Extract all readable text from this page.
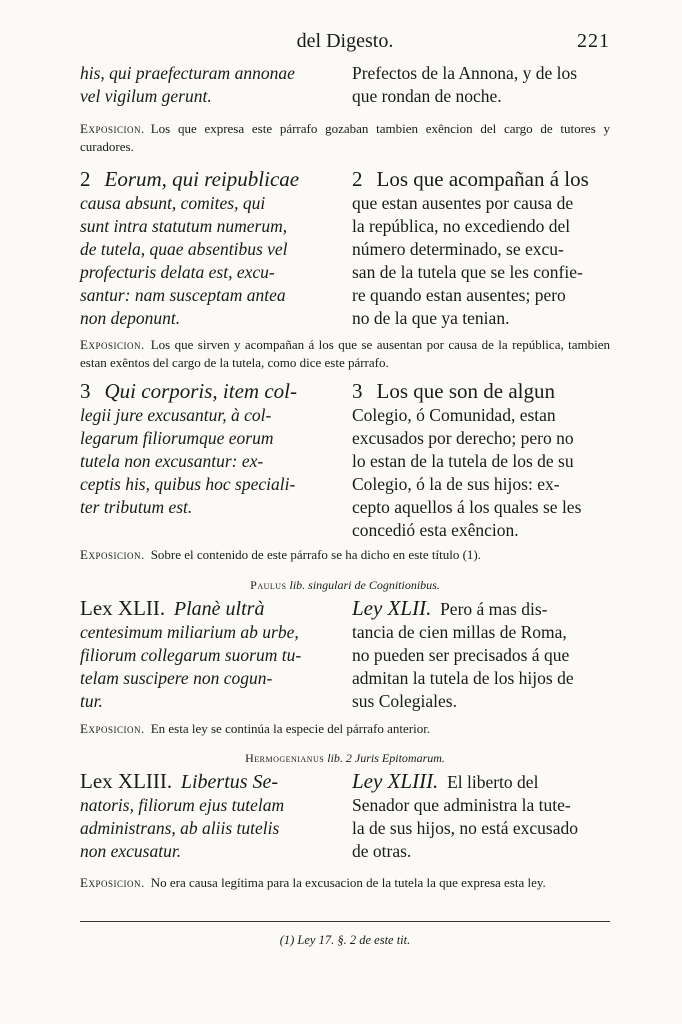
del Digesto.	221
his, qui praefecturam annonae
vel vigilum gerunt.
Prefectos de la Annona, y de los
que rondan de noche.
Exposicion. Los que expresa este párrafo gozaban tambien exêncion del cargo de tutores y curadores.
2 Eorum, qui reipublicae
causa absunt, comites, qui
sunt intra statutum numerum,
de tutela, quae absentibus vel
profecturis delata est, excu-
santur: nam susceptam antea
non deponunt.
2 Los que acompañan á los
que estan ausentes por causa de
la república, no excediendo del
número determinado, se excu-
san de la tutela que se les confie-
re quando estan ausentes; pero
no de la que ya tenian.
Exposicion. Los que sirven y acompañan á los que se ausentan por causa de la república, tambien estan exêntos del cargo de la tutela, como dice este párrafo.
3 Qui corporis, item col-
legii jure excusantur, à col-
legarum filiorumque eorum
tutela non excusantur: ex-
ceptis his, quibus hoc speciali-
ter tributum est.
3 Los que son de algun
Colegio, ó Comunidad, estan
excusados por derecho; pero no
lo estan de la tutela de los de su
Colegio, ó la de sus hijos: ex-
cepto aquellos á los quales se les
concedió esta exêncion.
Exposicion. Sobre el contenido de este párrafo se ha dicho en este título (1).
Paulus lib. singulari de Cognitionibus.
Lex XLII. Planè ultrà
centesimum miliarium ab urbe,
filiorum collegarum suorum tu-
telam suscipere non cogun-
tur.
Ley XLII. Pero á mas dis-
tancia de cien millas de Roma,
no pueden ser precisados á que
admitan la tutela de los hijos de
sus Colegiales.
Exposicion. En esta ley se continúa la especie del párrafo anterior.
Hermogenianus lib. 2 Juris Epitomarum.
Lex XLIII. Libertus Se-
natoris, filiorum ejus tutelam
administrans, ab aliis tutelis
non excusatur.
Ley XLIII. El liberto del
Senador que administra la tute-
la de sus hijos, no está excusado
de otras.
Exposicion. No era causa legítima para la excusacion de la tutela la que expresa esta ley.
(1) Ley 17. §. 2 de este tit.
